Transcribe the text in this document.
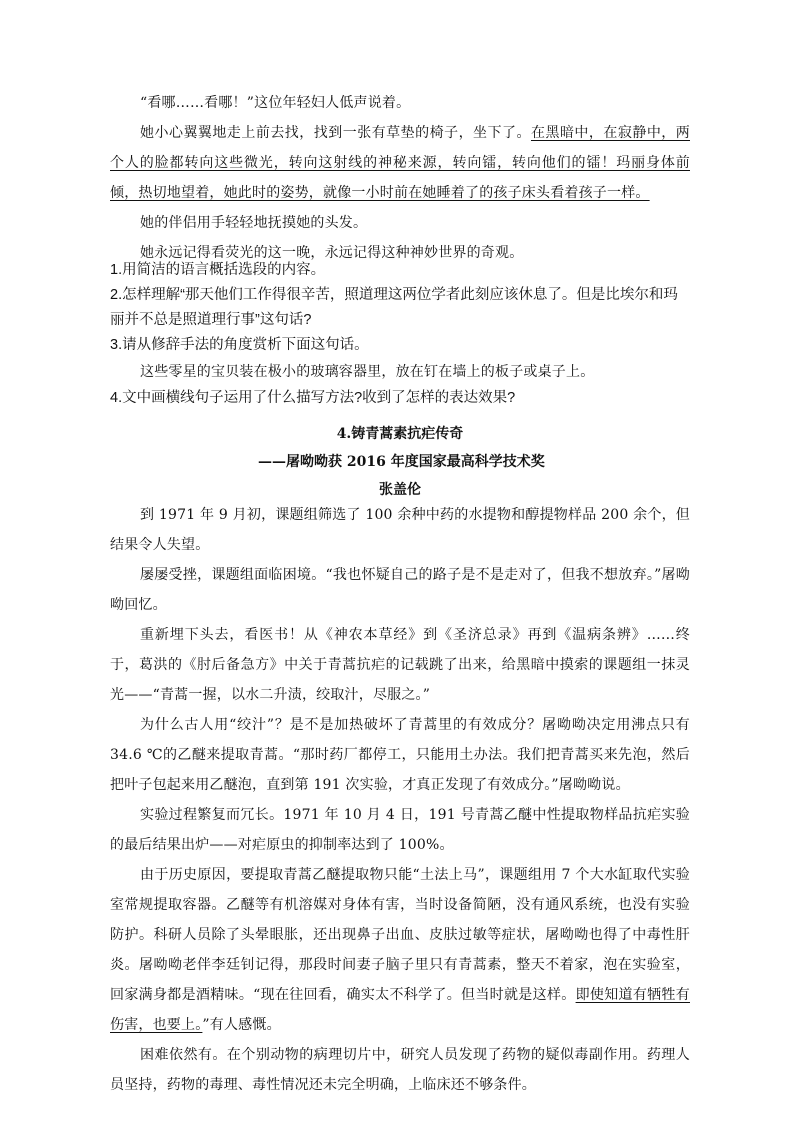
“看哪……看哪！”这位年轻妇人低声说着。

她小心翼翼地走上前去找，找到一张有草垫的椅子，坐下了。在黑暗中，在寂静中，两个人的脸都转向这些微光，转向这射线的神秘来源，转向镭，转向他们的镭！玛丽身体前倾，热切地望着，她此时的姿势，就像一小时前在她睡着了的孩子床头看着孩子一样。

她的伴侣用手轻轻地抚摸她的头发。

她永远记得看荧光的这一晚，永远记得这种神妙世界的奇观。

1.用简洁的语言概括选段的内容。

2.怎样理解“那天他们工作得很辛苦，照道理这两位学者此刻应该休息了。但是比埃尔和玛丽并不总是照道理行事”这句话?

3.请从修辞手法的角度赏析下面这句话。

这些零星的宝贝装在极小的玻璃容器里，放在钉在墙上的板子或桌子上。

4.文中画横线句子运用了什么描写方法?收到了怎样的表达效果?

4.铸青蒿素抗疟传奇

——屠呦呦获 2016 年度国家最高科学技术奖

张盖伦

到 1971 年 9 月初，课题组筛选了 100 余种中药的水提物和醇提物样品 200 余个，但结果令人失望。

屡屡受挫，课题组面临困境。“我也怀疑自己的路子是不是走对了，但我不想放弃。”屠呦呦回忆。

重新埋下头去，看医书！从《神农本草经》到《圣济总录》再到《温病条辨》……终于，葛洪的《肘后备急方》中关于青蒿抗疟的记载跳了出来，给黑暗中摸索的课题组一抹灵光——“青蒿一握，以水二升渍，绞取汁，尽服之。”

为什么古人用“绞汁”？是不是加热破坏了青蒿里的有效成分？屠呦呦决定用沸点只有 34.6 ℃的乙醚来提取青蒿。“那时药厂都停工，只能用土办法。我们把青蒿买来先泡，然后把叶子包起来用乙醚泡，直到第 191 次实验，才真正发现了有效成分。”屠呦呦说。

实验过程繁复而冗长。1971 年 10 月 4 日，191 号青蒿乙醚中性提取物样品抗疟实验的最后结果出炉——对疟原虫的抑制率达到了 100%。

由于历史原因，要提取青蒿乙醚提取物只能“土法上马”，课题组用 7 个大水缸取代实验室常规提取容器。乙醚等有机溶媒对身体有害，当时设备简陋，没有通风系统，也没有实验防护。科研人员除了头晕眼胀，还出现鼻子出血、皮肤过敏等症状，屠呦呦也得了中毒性肝炎。屠呦呦老伴李廷钊记得，那段时间妻子脑子里只有青蒿素，整天不着家，泡在实验室，回家满身都是酒精味。“现在往回看，确实太不科学了。但当时就是这样。即使知道有牺牲有伤害，也要上。”有人感慨。

困难依然有。在个别动物的病理切片中，研究人员发现了药物的疑似毒副作用。药理人员坚持，药物的毒理、毒性情况还未完全明确，上临床还不够条件。
